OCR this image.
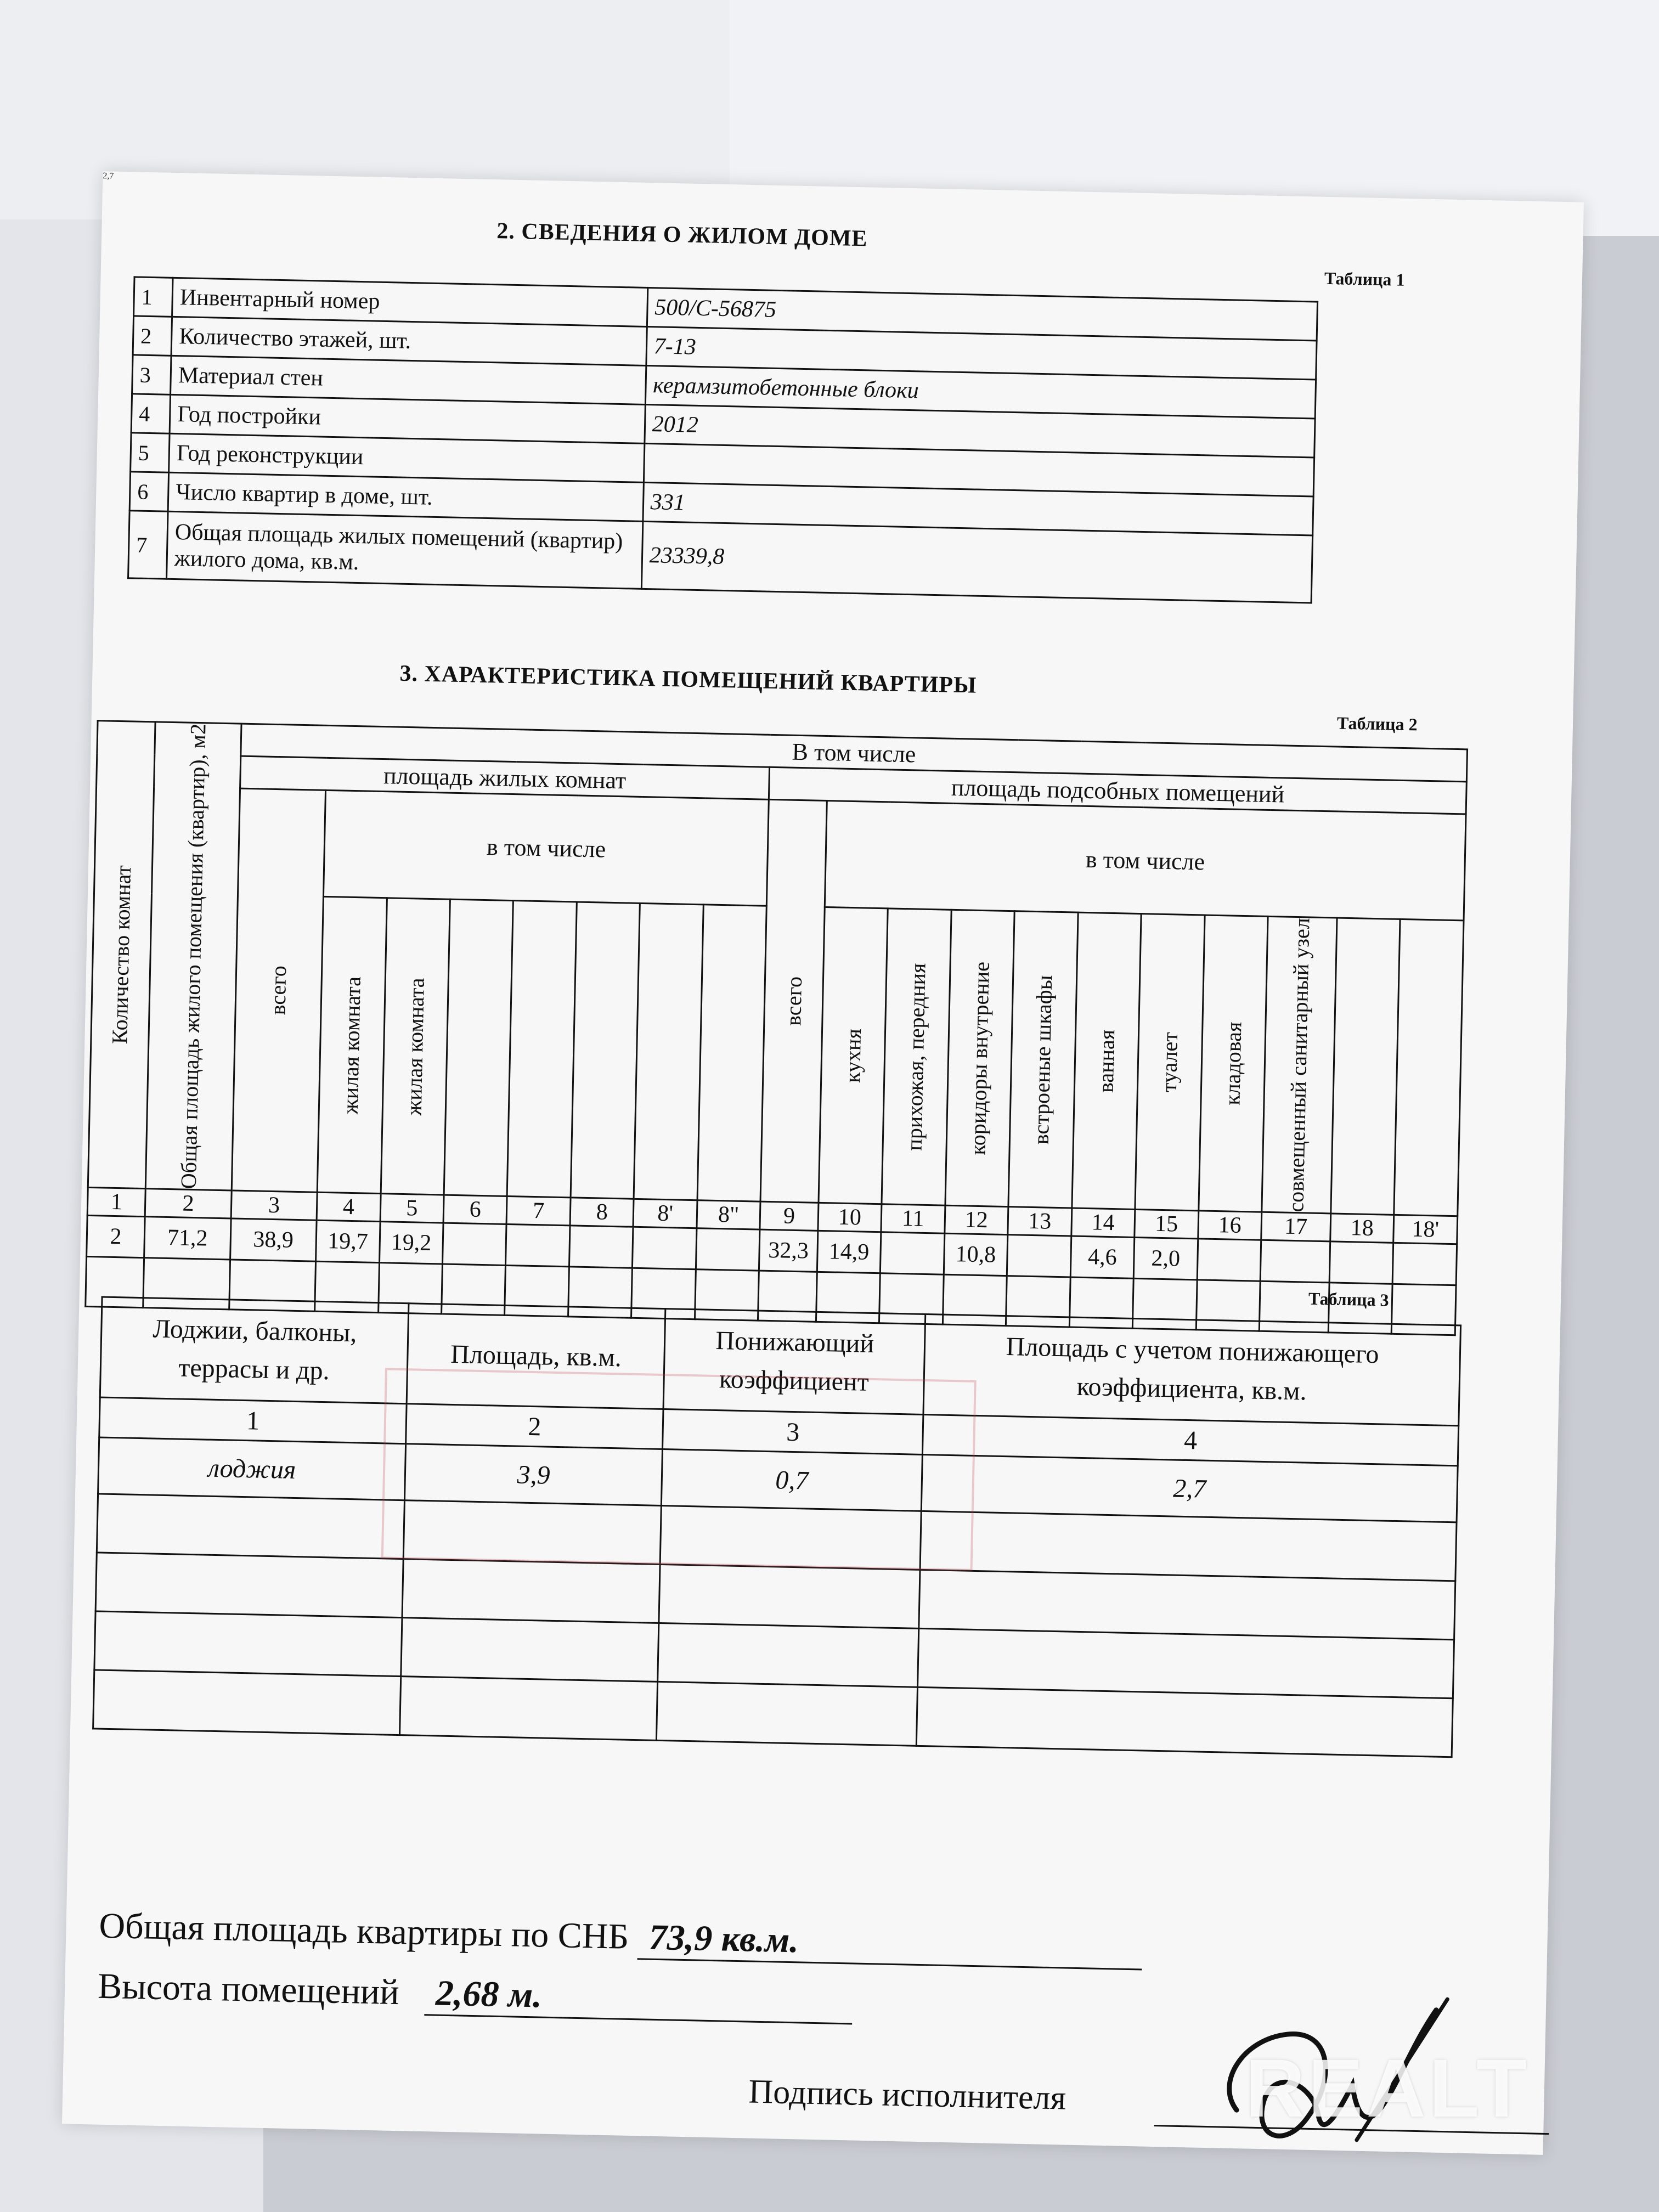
2. СВЕДЕНИЯ О ЖИЛОМ ДОМЕ
Таблица 1
1	Инвентарный номер	500/С-56875
2	Количество этажей, шт.	7-13
3	Материал стен	керамзитобетонные блоки
4	Год постройки	2012
5	Год реконструкции	
6	Число квартир в доме, шт.	331
7	Общая площадь жилых помещений (квартир) жилого дома, кв.м.	23339,8
3. ХАРАКТЕРИСТИКА ПОМЕЩЕНИЙ КВАРТИРЫ
Таблица 2
Количество комнат	Общая площадь жилого помещения (квартир), м2	В том числе																		
		площадь жилых комнат								площадь подсобных помещений										

		всего	в том числе							всего	в том числе									

			жилая комната	жилая комната							кухня	прихожая, передния	коридоры внутрение	встроеные шкафы	ванная	туалет	кладовая	совмещенный санитарный узел		

1	2	3	4	5	6	7	8	8'	8"	9	10	11	12	13	14	15	16	17	18	18'
2	71,2	38,9	19,7	19,2						32,3	14,9		10,8		4,6	2,0				

Таблица 3
Лоджии, балконы, террасы и др.	Площадь, кв.м.	Понижающий коэффициент	Площадь с учетом понижающего коэффициента, кв.м.
1	2	3	4
лоджия	3,9	0,7	2,7

2,7
Общая площадь квартиры по СНБ 73,9 кв.м.
Высота помещений 2,68 м.
Подпись исполнителя REALT
